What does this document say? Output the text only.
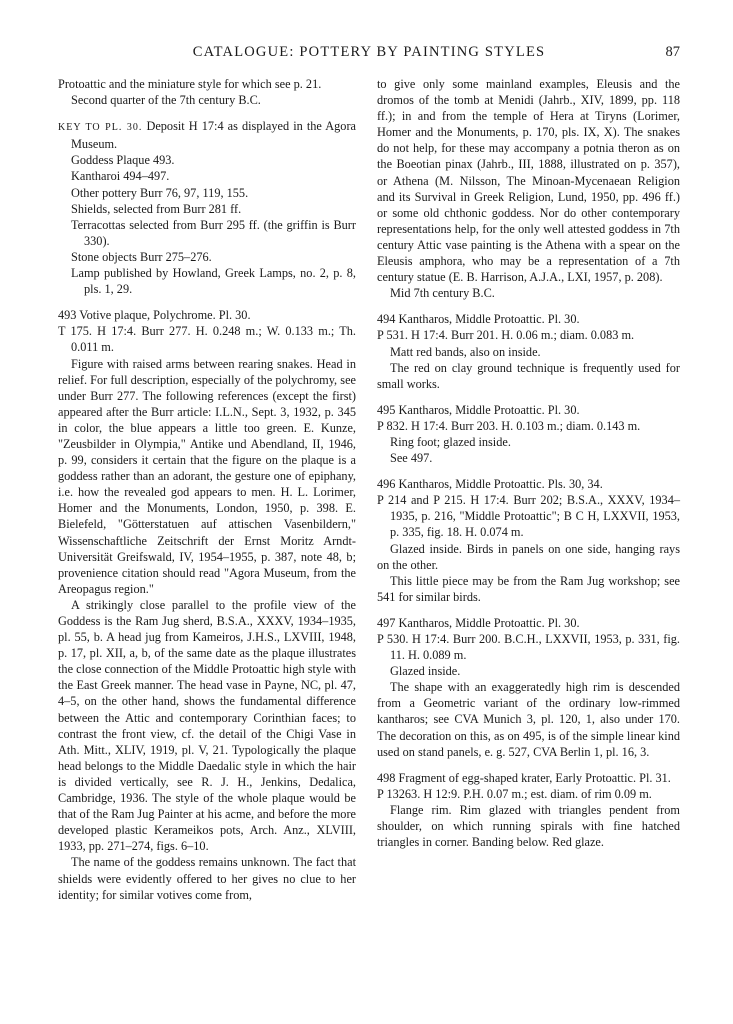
CATALOGUE: POTTERY BY PAINTING STYLES	87

Protoattic and the miniature style for which see p. 21.

Second quarter of the 7th century B.C.

KEY TO PL. 30. Deposit H 17:4 as displayed in the Agora Museum.

Goddess Plaque 493.

Kantharoi 494–497.

Other pottery Burr 76, 97, 119, 155.

Shields, selected from Burr 281 ff.

Terracottas selected from Burr 295 ff. (the griffin is Burr 330).

Stone objects Burr 275–276.

Lamp published by Howland, Greek Lamps, no. 2, p. 8, pls. 1, 29.

493 Votive plaque, Polychrome. Pl. 30.

T 175. H 17:4. Burr 277. H. 0.248 m.; W. 0.133 m.; Th. 0.011 m.

Figure with raised arms between rearing snakes. Head in relief. For full description, especially of the polychromy, see under Burr 277. The following references (except the first) appeared after the Burr article: I.L.N., Sept. 3, 1932, p. 345 in color, the blue appears a little too green. E. Kunze, "Zeusbilder in Olympia," Antike und Abendland, II, 1946, p. 99, considers it certain that the figure on the plaque is a goddess rather than an adorant, the gesture one of epiphany, i.e. how the revealed god appears to men. H. L. Lorimer, Homer and the Monuments, London, 1950, p. 398. E. Bielefeld, "Götterstatuen auf attischen Vasenbildern," Wissenschaftliche Zeitschrift der Ernst Moritz Arndt-Universität Greifswald, IV, 1954–1955, p. 387, note 48, b; provenience citation should read "Agora Museum, from the Areopagus region."

A strikingly close parallel to the profile view of the Goddess is the Ram Jug sherd, B.S.A., XXXV, 1934–1935, pl. 55, b. A head jug from Kameiros, J.H.S., LXVIII, 1948, p. 17, pl. XII, a, b, of the same date as the plaque illustrates the close connection of the Middle Protoattic high style with the East Greek manner. The head vase in Payne, NC, pl. 47, 4–5, on the other hand, shows the fundamental difference between the Attic and contemporary Corinthian faces; to contrast the front view, cf. the detail of the Chigi Vase in Ath. Mitt., XLIV, 1919, pl. V, 21. Typologically the plaque head belongs to the Middle Daedalic style in which the hair is divided vertically, see R. J. H., Jenkins, Dedalica, Cambridge, 1936. The style of the whole plaque would be that of the Ram Jug Painter at his acme, and before the more developed plastic Kerameikos pots, Arch. Anz., XLVIII, 1933, pp. 271–274, figs. 6–10.

The name of the goddess remains unknown. The fact that shields were evidently offered to her gives no clue to her identity; for similar votives come from,

to give only some mainland examples, Eleusis and the dromos of the tomb at Menidi (Jahrb., XIV, 1899, pp. 118 ff.); in and from the temple of Hera at Tiryns (Lorimer, Homer and the Monuments, p. 170, pls. IX, X). The snakes do not help, for these may accompany a potnia theron as on the Boeotian pinax (Jahrb., III, 1888, illustrated on p. 357), or Athena (M. Nilsson, The Minoan-Mycenaean Religion and its Survival in Greek Religion, Lund, 1950, pp. 496 ff.) or some old chthonic goddess. Nor do other contemporary representations help, for the only well attested goddess in 7th century Attic vase painting is the Athena with a spear on the Eleusis amphora, who may be a representation of a 7th century statue (E. B. Harrison, A.J.A., LXI, 1957, p. 208).

Mid 7th century B.C.

494 Kantharos, Middle Protoattic. Pl. 30.

P 531. H 17:4. Burr 201. H. 0.06 m.; diam. 0.083 m.

Matt red bands, also on inside.

The red on clay ground technique is frequently used for small works.

495 Kantharos, Middle Protoattic. Pl. 30.

P 832. H 17:4. Burr 203. H. 0.103 m.; diam. 0.143 m.

Ring foot; glazed inside.

See 497.

496 Kantharos, Middle Protoattic. Pls. 30, 34.

P 214 and P 215. H 17:4. Burr 202; B.S.A., XXXV, 1934–1935, p. 216, "Middle Protoattic"; B C H, LXXVII, 1953, p. 335, fig. 18. H. 0.074 m.

Glazed inside. Birds in panels on one side, hanging rays on the other.

This little piece may be from the Ram Jug workshop; see 541 for similar birds.

497 Kantharos, Middle Protoattic. Pl. 30.

P 530. H 17:4. Burr 200. B.C.H., LXXVII, 1953, p. 331, fig. 11. H. 0.089 m.

Glazed inside.

The shape with an exaggeratedly high rim is descended from a Geometric variant of the ordinary low-rimmed kantharos; see CVA Munich 3, pl. 120, 1, also under 170. The decoration on this, as on 495, is of the simple linear kind used on stand panels, e. g. 527, CVA Berlin 1, pl. 16, 3.

498 Fragment of egg-shaped krater, Early Protoattic. Pl. 31.

P 13263. H 12:9. P.H. 0.07 m.; est. diam. of rim 0.09 m.

Flange rim. Rim glazed with triangles pendent from shoulder, on which running spirals with fine hatched triangles in corner. Banding below. Red glaze.
